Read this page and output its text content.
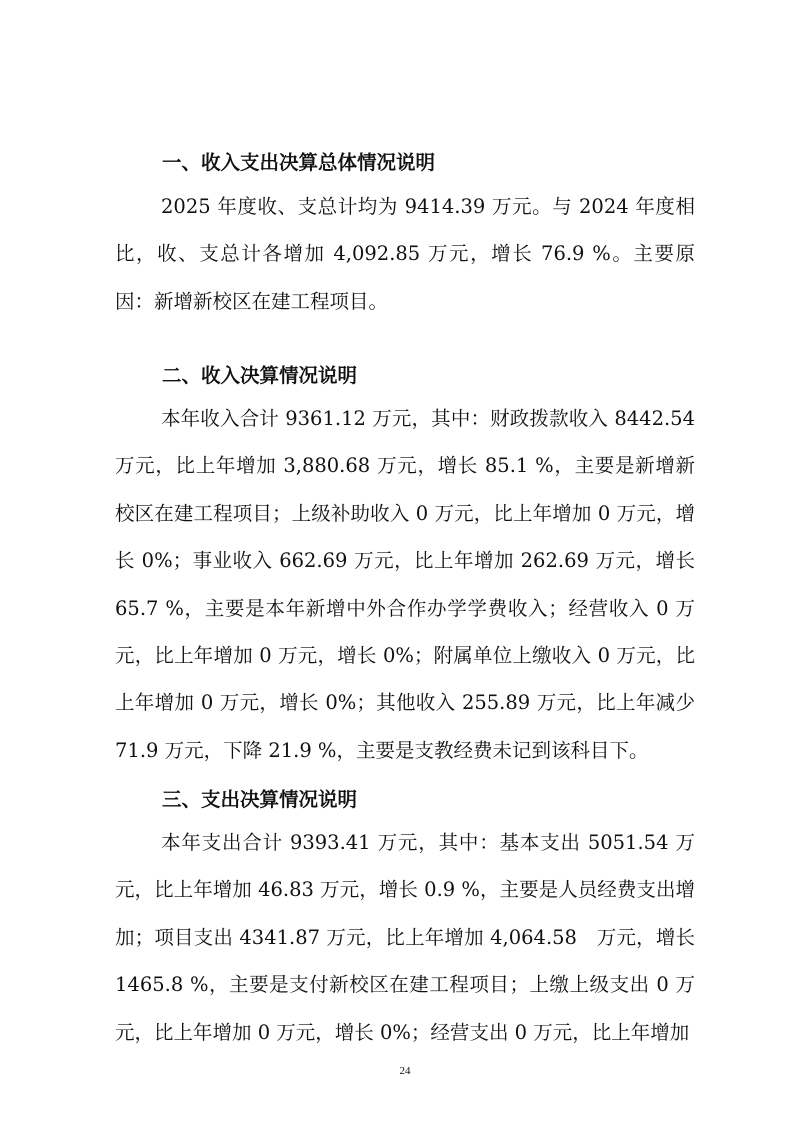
一、收入支出决算总体情况说明

2025 年度收、支总计均为 9414.39 万元。与 2024 年度相比，收、支总计各增加 4,092.85 万元，增长 76.9 %。主要原因：新增新校区在建工程项目。

二、收入决算情况说明

本年收入合计 9361.12 万元，其中：财政拨款收入 8442.54 万元，比上年增加 3,880.68 万元，增长 85.1 %，主要是新增新校区在建工程项目；上级补助收入 0 万元，比上年增加 0 万元，增长 0%；事业收入 662.69 万元，比上年增加 262.69 万元，增长 65.7 %，主要是本年新增中外合作办学学费收入；经营收入 0 万元，比上年增加 0 万元，增长 0%；附属单位上缴收入 0 万元，比上年增加 0 万元，增长 0%；其他收入 255.89 万元，比上年减少 71.9 万元，下降 21.9 %，主要是支教经费未记到该科目下。

三、支出决算情况说明

本年支出合计 9393.41 万元，其中：基本支出 5051.54 万元，比上年增加 46.83 万元，增长 0.9 %，主要是人员经费支出增加；项目支出 4341.87 万元，比上年增加 4,064.58　万元，增长 1465.8 %，主要是支付新校区在建工程项目；上缴上级支出 0 万元，比上年增加 0 万元，增长 0%；经营支出 0 万元，比上年增加

24
